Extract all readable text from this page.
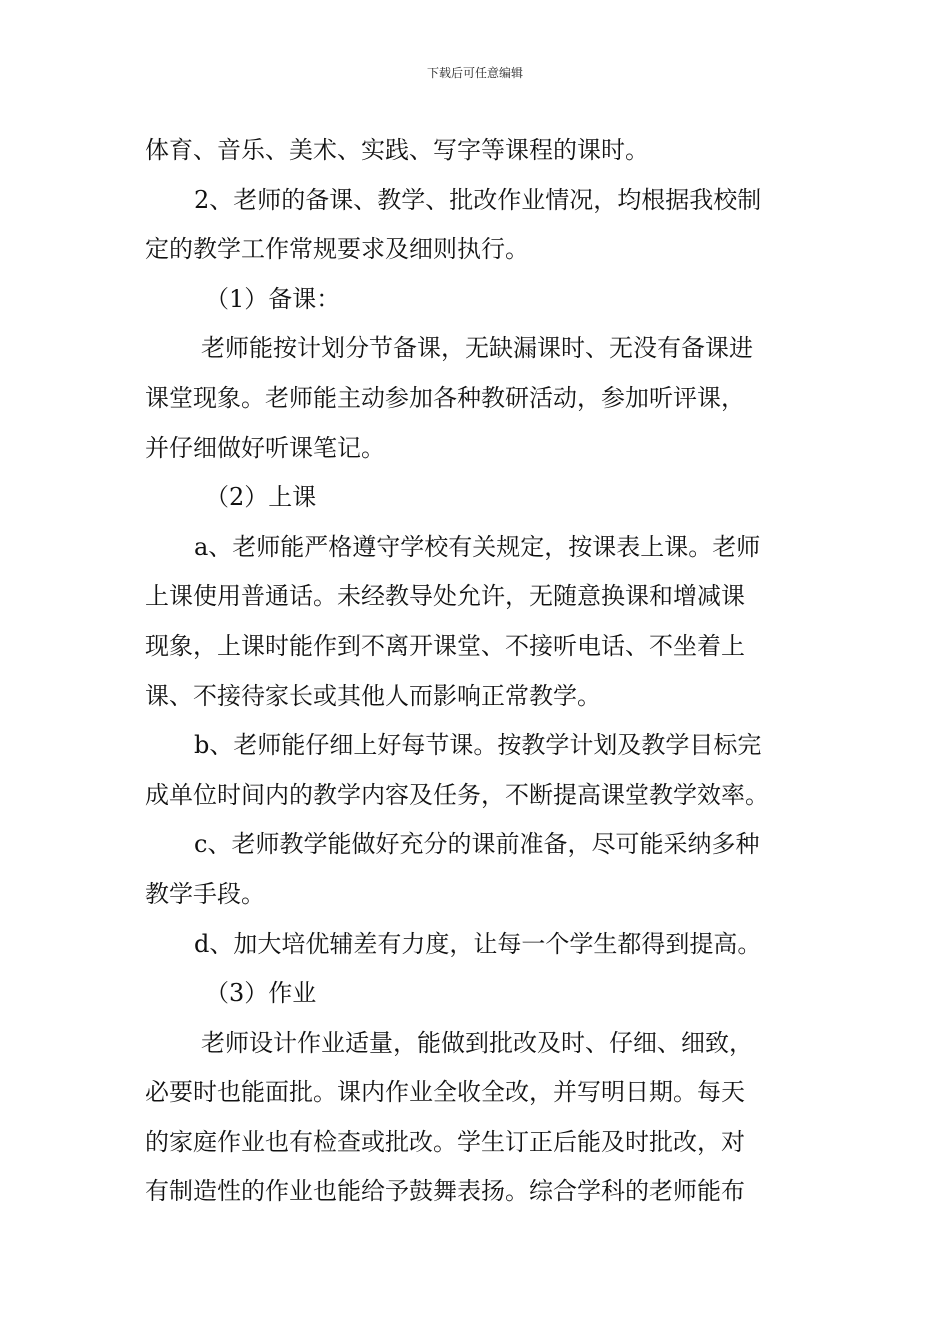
下载后可任意编辑
体育、音乐、美术、实践、写字等课程的课时。
2、老师的备课、教学、批改作业情况，均根据我校制
定的教学工作常规要求及细则执行。
（1）备课：
老师能按计划分节备课，无缺漏课时、无没有备课进
课堂现象。老师能主动参加各种教研活动，参加听评课，
并仔细做好听课笔记。
（2）上课
a、老师能严格遵守学校有关规定，按课表上课。老师
上课使用普通话。未经教导处允许，无随意换课和增减课
现象，上课时能作到不离开课堂、不接听电话、不坐着上
课、不接待家长或其他人而影响正常教学。
b、老师能仔细上好每节课。按教学计划及教学目标完
成单位时间内的教学内容及任务，不断提高课堂教学效率。
c、老师教学能做好充分的课前准备，尽可能采纳多种
教学手段。
d、加大培优辅差有力度，让每一个学生都得到提高。
（3）作业
老师设计作业适量，能做到批改及时、仔细、细致，
必要时也能面批。课内作业全收全改，并写明日期。每天
的家庭作业也有检查或批改。学生订正后能及时批改，对
有制造性的作业也能给予鼓舞表扬。综合学科的老师能布
